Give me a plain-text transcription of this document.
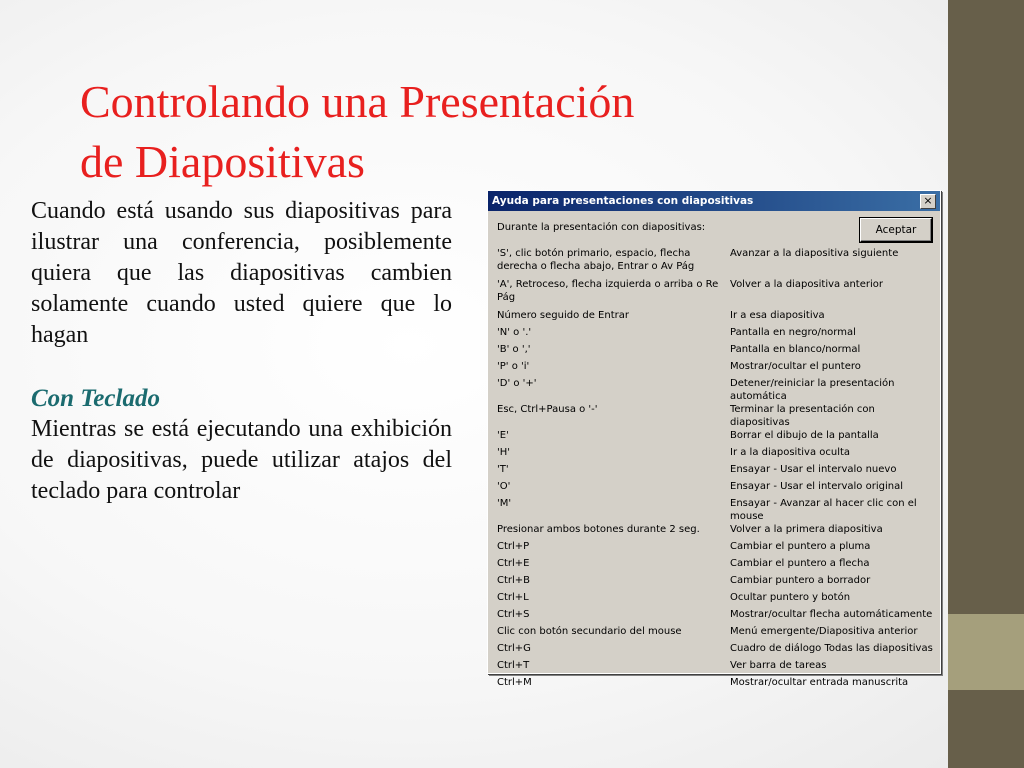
Controlando una Presentación
de Diapositivas

Cuando está usando sus diapositivas para ilustrar una conferencia, posiblemente quiera que las diapositivas cambien solamente cuando usted quiere que lo hagan

Con Teclado

Mientras se está ejecutando una exhibición de diapositivas, puede utilizar atajos del teclado para controlar

Ayuda para presentaciones con diapositivas	×
Durante la presentación con diapositivas:	Aceptar
'S', clic botón primario, espacio, flecha derecha o flecha abajo, Entrar o Av Pág	Avanzar a la diapositiva siguiente
'A', Retroceso, flecha izquierda o arriba o Re Pág	Volver a la diapositiva anterior
Número seguido de Entrar	Ir a esa diapositiva
'N' o '.'	Pantalla en negro/normal
'B' o ','	Pantalla en blanco/normal
'P' o 'i'	Mostrar/ocultar el puntero
'D' o '+'	Detener/reiniciar la presentación automática
Esc, Ctrl+Pausa o '-'	Terminar la presentación con diapositivas
'E'	Borrar el dibujo de la pantalla
'H'	Ir a la diapositiva oculta
'T'	Ensayar - Usar el intervalo nuevo
'O'	Ensayar - Usar el intervalo original
'M'	Ensayar - Avanzar al hacer clic con el mouse
Presionar ambos botones durante 2 seg.	Volver a la primera diapositiva
Ctrl+P	Cambiar el puntero a pluma
Ctrl+E	Cambiar el puntero a flecha
Ctrl+B	Cambiar puntero a borrador
Ctrl+L	Ocultar puntero y botón
Ctrl+S	Mostrar/ocultar flecha automáticamente
Clic con botón secundario del mouse	Menú emergente/Diapositiva anterior
Ctrl+G	Cuadro de diálogo Todas las diapositivas
Ctrl+T	Ver barra de tareas
Ctrl+M	Mostrar/ocultar entrada manuscrita
